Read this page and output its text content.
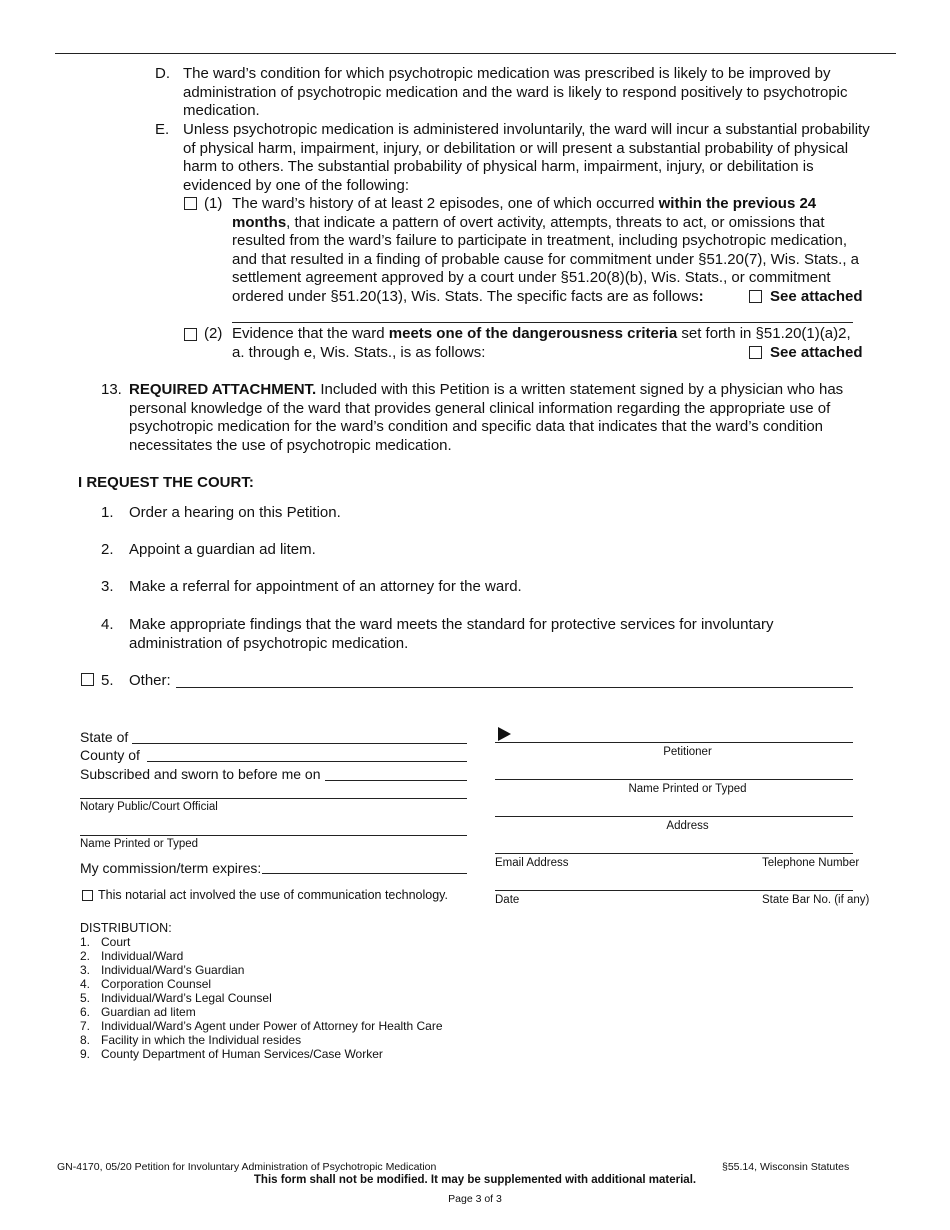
D. The ward’s condition for which psychotropic medication was prescribed is likely to be improved by administration of psychotropic medication and the ward is likely to respond positively to psychotropic medication.

E. Unless psychotropic medication is administered involuntarily, the ward will incur a substantial probability of physical harm, impairment, injury, or debilitation or will present a substantial probability of physical harm to others. The substantial probability of physical harm, impairment, injury, or debilitation is evidenced by one of the following:

(1) The ward’s history of at least 2 episodes, one of which occurred within the previous 24 months, that indicate a pattern of overt activity, attempts, threats to act, or omissions that resulted from the ward’s failure to participate in treatment, including psychotropic medication, and that resulted in a finding of probable cause for commitment under §51.20(7), Wis. Stats., a settlement agreement approved by a court under §51.20(8)(b), Wis. Stats., or commitment ordered under §51.20(13), Wis. Stats. The specific facts are as follows:	See attached
(2) Evidence that the ward meets one of the dangerousness criteria set forth in §51.20(1)(a)2,

a. through e, Wis. Stats., is as follows:	See attached
13. REQUIRED ATTACHMENT. Included with this Petition is a written statement signed by a physician who has personal knowledge of the ward that provides general clinical information regarding the appropriate use of psychotropic medication for the ward’s condition and specific data that indicates that the ward’s condition necessitates the use of psychotropic medication.

I REQUEST THE COURT:
1. Order a hearing on this Petition.
2. Appoint a guardian ad litem.
3. Make a referral for appointment of an attorney for the ward.
4. Make appropriate findings that the ward meets the standard for protective services for involuntary administration of psychotropic medication.

5. Other:
State of
County of
Subscribed and sworn to before me on
Notary Public/Court Official
Name Printed or Typed
My commission/term expires:
This notarial act involved the use of communication technology.
Petitioner
Name Printed or Typed
Address
Email Address	Telephone Number
Date	State Bar No. (if any)
DISTRIBUTION:
1. Court
2. Individual/Ward
3. Individual/Ward’s Guardian
4. Corporation Counsel
5. Individual/Ward’s Legal Counsel
6. Guardian ad litem
7. Individual/Ward’s Agent under Power of Attorney for Health Care
8. Facility in which the Individual resides
9. County Department of Human Services/Case Worker
GN-4170, 05/20 Petition for Involuntary Administration of Psychotropic Medication	§55.14, Wisconsin Statutes
This form shall not be modified. It may be supplemented with additional material.
Page 3 of 3
